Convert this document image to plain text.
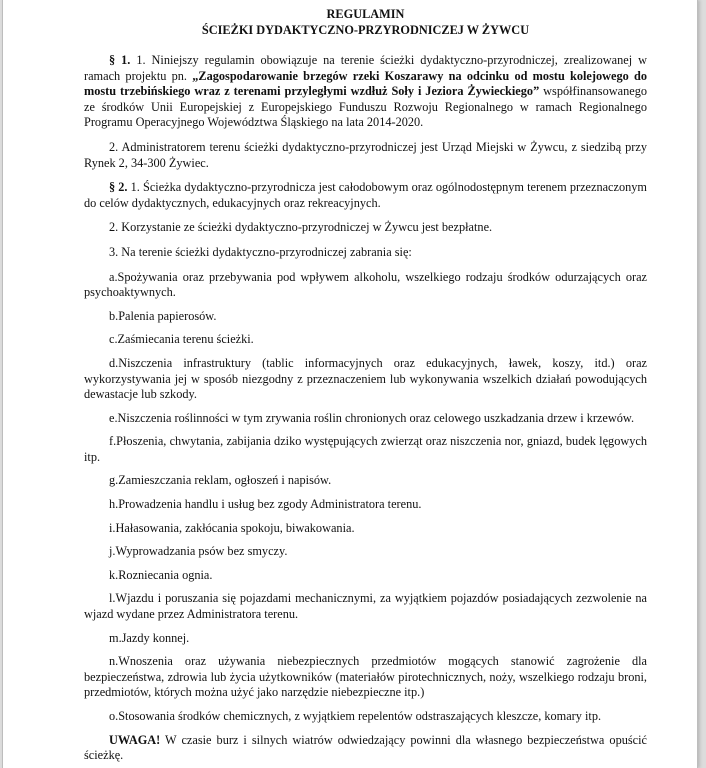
REGULAMIN
ŚCIEŻKI DYDAKTYCZNO-PRZYRODNICZEJ W ŻYWCU

§ 1. 1. Niniejszy regulamin obowiązuje na terenie ścieżki dydaktyczno-przyrodniczej, zrealizowanej w ramach projektu pn. „Zagospodarowanie brzegów rzeki Koszarawy na odcinku od mostu kolejowego do mostu trzebińskiego wraz z terenami przyległymi wzdłuż Soły i Jeziora Żywieckiego” współfinansowanego ze środków Unii Europejskiej z Europejskiego Funduszu Rozwoju Regionalnego w ramach Regionalnego Programu Operacyjnego Województwa Śląskiego na lata 2014-2020.

2. Administratorem terenu ścieżki dydaktyczno-przyrodniczej jest Urząd Miejski w Żywcu, z siedzibą przy Rynek 2, 34-300 Żywiec.

§ 2. 1. Ścieżka dydaktyczno-przyrodnicza jest całodobowym oraz ogólnodostępnym terenem przeznaczonym do celów dydaktycznych, edukacyjnych oraz rekreacyjnych.

2. Korzystanie ze ścieżki dydaktyczno-przyrodniczej w Żywcu jest bezpłatne.

3. Na terenie ścieżki dydaktyczno-przyrodniczej zabrania się:

a.Spożywania oraz przebywania pod wpływem alkoholu, wszelkiego rodzaju środków odurzających oraz psychoaktywnych.

b.Palenia papierosów.

c.Zaśmiecania terenu ścieżki.

d.Niszczenia infrastruktury (tablic informacyjnych oraz edukacyjnych, ławek, koszy, itd.) oraz wykorzystywania jej w sposób niezgodny z przeznaczeniem lub wykonywania wszelkich działań powodujących dewastacje lub szkody.

e.Niszczenia roślinności w tym zrywania roślin chronionych oraz celowego uszkadzania drzew i krzewów.

f.Płoszenia, chwytania, zabijania dziko występujących zwierząt oraz niszczenia nor, gniazd, budek lęgowych itp.

g.Zamieszczania reklam, ogłoszeń i napisów.

h.Prowadzenia handlu i usług bez zgody Administratora terenu.

i.Hałasowania, zakłócania spokoju, biwakowania.

j.Wyprowadzania psów bez smyczy.

k.Rozniecania ognia.

l.Wjazdu i poruszania się pojazdami mechanicznymi, za wyjątkiem pojazdów posiadających zezwolenie na wjazd wydane przez Administratora terenu.

m.Jazdy konnej.

n.Wnoszenia oraz używania niebezpiecznych przedmiotów mogących stanowić zagrożenie dla bezpieczeństwa, zdrowia lub życia użytkowników (materiałów pirotechnicznych, noży, wszelkiego rodzaju broni, przedmiotów, których można użyć jako narzędzie niebezpieczne itp.)

o.Stosowania środków chemicznych, z wyjątkiem repelentów odstraszających kleszcze, komary itp.

UWAGA! W czasie burz i silnych wiatrów odwiedzający powinni dla własnego bezpieczeństwa opuścić ścieżkę.
